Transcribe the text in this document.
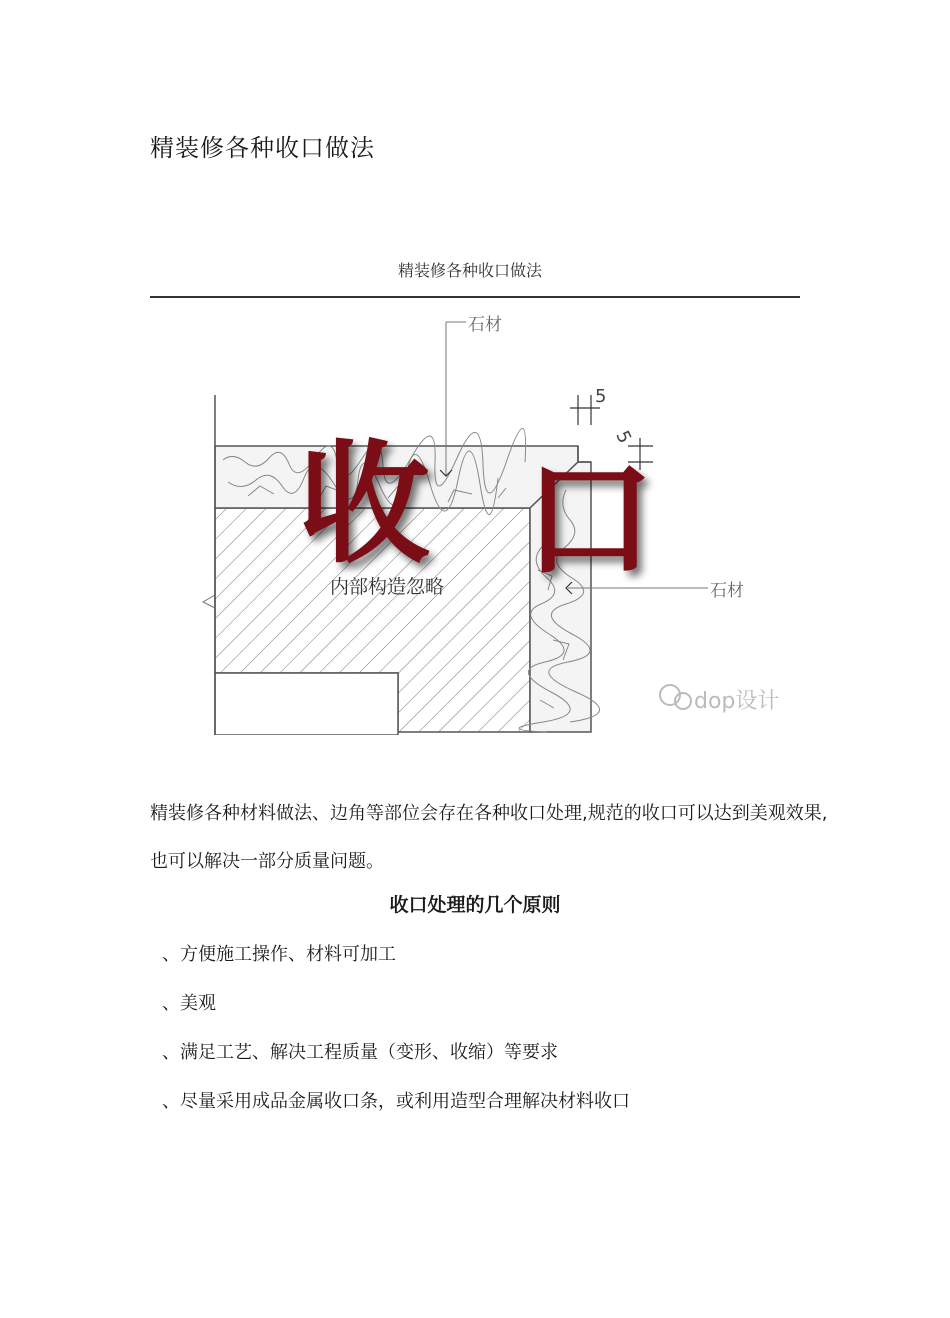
精装修各种收口做法
精装修各种收口做法
石材
石材
5
5
内部构造忽略
dop设计
收 口

精装修各种材料做法、边角等部位会存在各种收口处理,规范的收口可以达到美观效果,
也可以解决一部分质量问题。

收口处理的几个原则
、方便施工操作、材料可加工
、美观
、满足工艺、解决工程质量（变形、收缩）等要求
、尽量采用成品金属收口条，或利用造型合理解决材料收口
